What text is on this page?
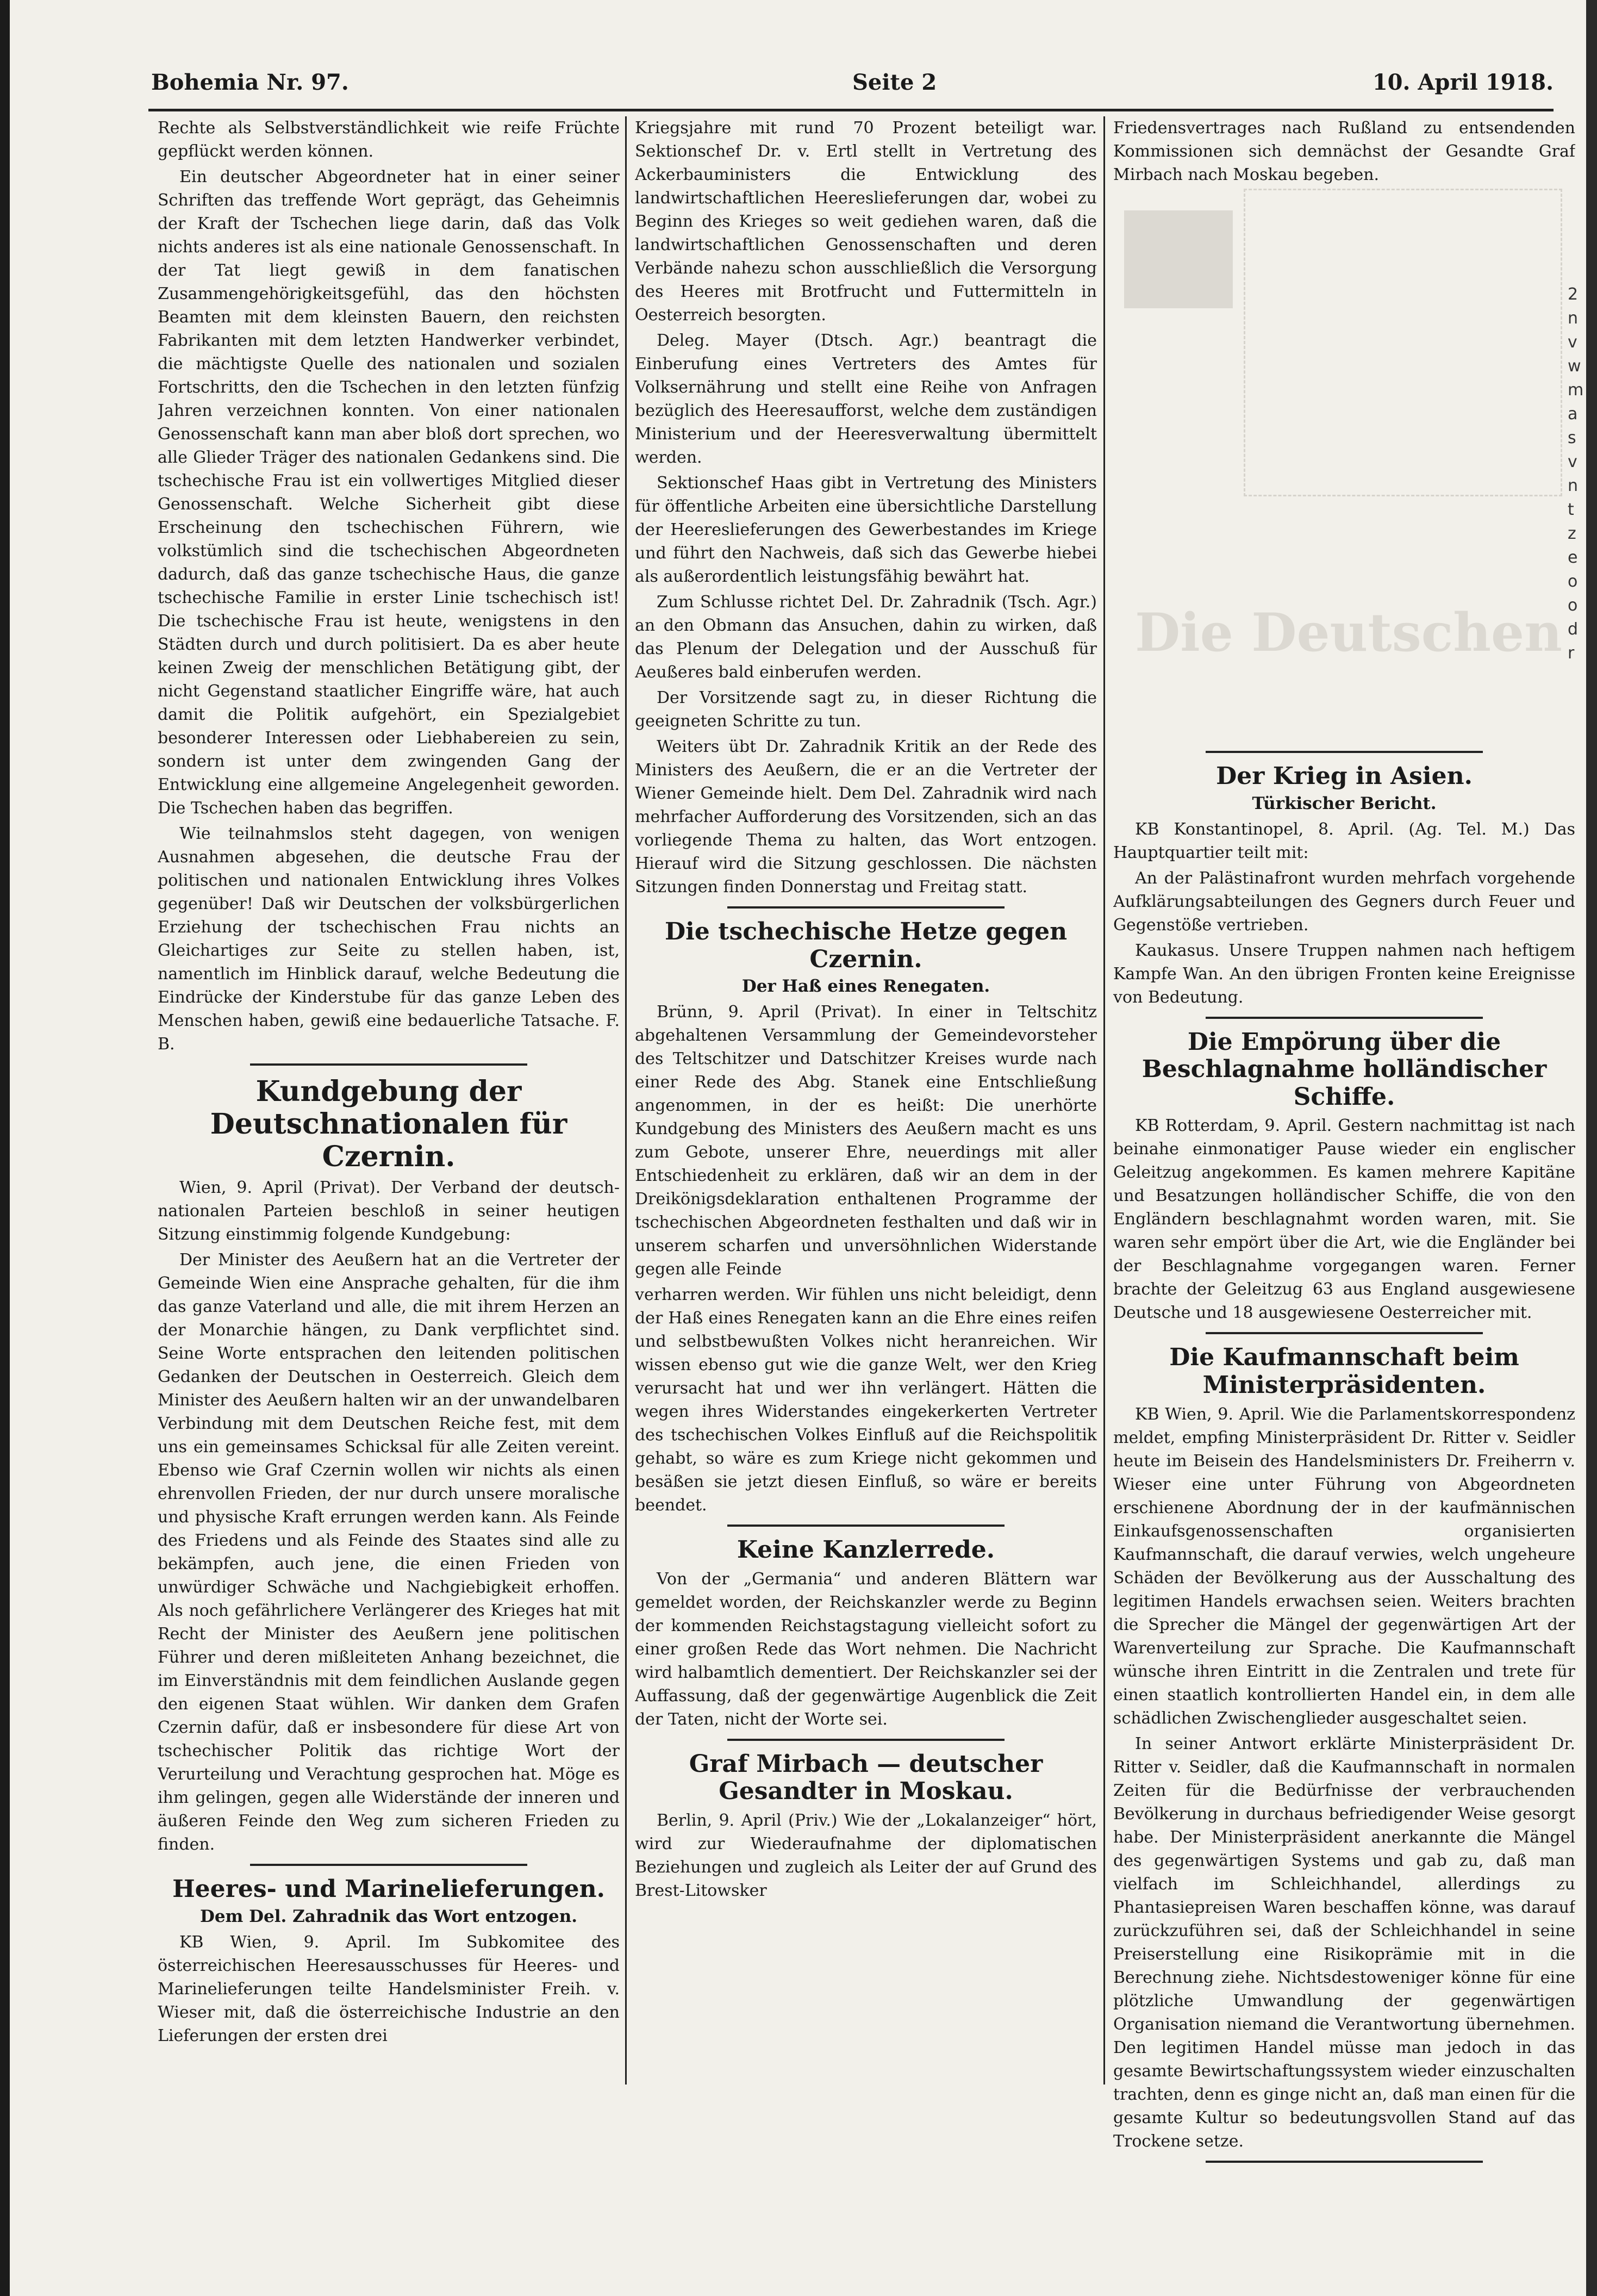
Bohemia Nr. 97.	Seite 2	10. April 1918.

Rechte als Selbstverständlichkeit wie reife Früchte gepflückt werden können.

Ein deutscher Abgeordneter hat in einer seiner Schriften das treffende Wort geprägt, das Geheimnis der Kraft der Tschechen liege darin, daß das Volk nichts anderes ist als eine nationale Genossenschaft. In der Tat liegt gewiß in dem fanatischen Zusammengehörigkeitsgefühl, das den höchsten Beamten mit dem kleinsten Bauern, den reichsten Fabrikanten mit dem letzten Handwerker verbindet, die mächtigste Quelle des nationalen und sozialen Fortschritts, den die Tschechen in den letzten fünfzig Jahren verzeichnen konnten. Von einer nationalen Genossenschaft kann man aber bloß dort sprechen, wo alle Glieder Träger des nationalen Gedankens sind. Die tschechische Frau ist ein vollwertiges Mitglied dieser Genossenschaft. Welche Sicherheit gibt diese Erscheinung den tschechischen Führern, wie volkstümlich sind die tschechischen Abgeordneten dadurch, daß das ganze tschechische Haus, die ganze tschechische Familie in erster Linie tschechisch ist! Die tschechische Frau ist heute, wenigstens in den Städten durch und durch politisiert. Da es aber heute keinen Zweig der menschlichen Betätigung gibt, der nicht Gegenstand staatlicher Eingriffe wäre, hat auch damit die Politik aufgehört, ein Spezialgebiet besonderer Interessen oder Liebhabereien zu sein, sondern ist unter dem zwingenden Gang der Entwicklung eine allgemeine Angelegenheit geworden. Die Tschechen haben das begriffen.

Wie teilnahmslos steht dagegen, von wenigen Ausnahmen abgesehen, die deutsche Frau der politischen und nationalen Entwicklung ihres Volkes gegenüber! Daß wir Deutschen der volksbürgerlichen Erziehung der tschechischen Frau nichts an Gleichartiges zur Seite zu stellen haben, ist, namentlich im Hinblick darauf, welche Bedeutung die Eindrücke der Kinderstube für das ganze Leben des Menschen haben, gewiß eine bedauerliche Tatsache. F. B.

Kundgebung der Deutschnationalen für Czernin.

Wien, 9. April (Privat). Der Verband der deutsch-nationalen Parteien beschloß in seiner heutigen Sitzung einstimmig folgende Kundgebung:

Der Minister des Aeußern hat an die Vertreter der Gemeinde Wien eine Ansprache gehalten, für die ihm das ganze Vaterland und alle, die mit ihrem Herzen an der Monarchie hängen, zu Dank verpflichtet sind. Seine Worte entsprachen den leitenden politischen Gedanken der Deutschen in Oesterreich. Gleich dem Minister des Aeußern halten wir an der unwandelbaren Verbindung mit dem Deutschen Reiche fest, mit dem uns ein gemeinsames Schicksal für alle Zeiten vereint. Ebenso wie Graf Czernin wollen wir nichts als einen ehrenvollen Frieden, der nur durch unsere moralische und physische Kraft errungen werden kann. Als Feinde des Friedens und als Feinde des Staates sind alle zu bekämpfen, auch jene, die einen Frieden von unwürdiger Schwäche und Nachgiebigkeit erhoffen. Als noch gefährlichere Verlängerer des Krieges hat mit Recht der Minister des Aeußern jene politischen Führer und deren mißleiteten Anhang bezeichnet, die im Einverständnis mit dem feindlichen Auslande gegen den eigenen Staat wühlen. Wir danken dem Grafen Czernin dafür, daß er insbesondere für diese Art von tschechischer Politik das richtige Wort der Verurteilung und Verachtung gesprochen hat. Möge es ihm gelingen, gegen alle Widerstände der inneren und äußeren Feinde den Weg zum sicheren Frieden zu finden.

Heeres- und Marinelieferungen.
Dem Del. Zahradnik das Wort entzogen.

KB Wien, 9. April. Im Subkomitee des österreichischen Heeresausschusses für Heeres- und Marinelieferungen teilte Handelsminister Freih. v. Wieser mit, daß die österreichische Industrie an den Lieferungen der ersten drei

Kriegsjahre mit rund 70 Prozent beteiligt war. Sektionschef Dr. v. Ertl stellt in Vertretung des Ackerbauministers die Entwicklung des landwirtschaftlichen Heereslieferungen dar, wobei zu Beginn des Krieges so weit gediehen waren, daß die landwirtschaftlichen Genossenschaften und deren Verbände nahezu schon ausschließlich die Versorgung des Heeres mit Brotfrucht und Futtermitteln in Oesterreich besorgten.

Deleg. Mayer (Dtsch. Agr.) beantragt die Einberufung eines Vertreters des Amtes für Volksernährung und stellt eine Reihe von Anfragen bezüglich des Heeresaufforst, welche dem zuständigen Ministerium und der Heeresverwaltung übermittelt werden.

Sektionschef Haas gibt in Vertretung des Ministers für öffentliche Arbeiten eine übersichtliche Darstellung der Heereslieferungen des Gewerbestandes im Kriege und führt den Nachweis, daß sich das Gewerbe hiebei als außerordentlich leistungsfähig bewährt hat.

Zum Schlusse richtet Del. Dr. Zahradnik (Tsch. Agr.) an den Obmann das Ansuchen, dahin zu wirken, daß das Plenum der Delegation und der Ausschuß für Aeußeres bald einberufen werden.

Der Vorsitzende sagt zu, in dieser Richtung die geeigneten Schritte zu tun.

Weiters übt Dr. Zahradnik Kritik an der Rede des Ministers des Aeußern, die er an die Vertreter der Wiener Gemeinde hielt. Dem Del. Zahradnik wird nach mehrfacher Aufforderung des Vorsitzenden, sich an das vorliegende Thema zu halten, das Wort entzogen. Hierauf wird die Sitzung geschlossen. Die nächsten Sitzungen finden Donnerstag und Freitag statt.

Die tschechische Hetze gegen Czernin.
Der Haß eines Renegaten.

Brünn, 9. April (Privat). In einer in Teltschitz abgehaltenen Versammlung der Gemeindevorsteher des Teltschitzer und Datschitzer Kreises wurde nach einer Rede des Abg. Stanek eine Entschließung angenommen, in der es heißt: Die unerhörte Kundgebung des Ministers des Aeußern macht es uns zum Gebote, unserer Ehre, neuerdings mit aller Entschiedenheit zu erklären, daß wir an dem in der Dreikönigsdeklaration enthaltenen Programme der tschechischen Abgeordneten festhalten und daß wir in unserem scharfen und unversöhnlichen Widerstande gegen alle Feinde

verharren werden. Wir fühlen uns nicht beleidigt, denn der Haß eines Renegaten kann an die Ehre eines reifen und selbstbewußten Volkes nicht heranreichen. Wir wissen ebenso gut wie die ganze Welt, wer den Krieg verursacht hat und wer ihn verlängert. Hätten die wegen ihres Widerstandes eingekerkerten Vertreter des tschechischen Volkes Einfluß auf die Reichspolitik gehabt, so wäre es zum Kriege nicht gekommen und besäßen sie jetzt diesen Einfluß, so wäre er bereits beendet.

Keine Kanzlerrede.

Von der „Germania“ und anderen Blättern war gemeldet worden, der Reichskanzler werde zu Beginn der kommenden Reichstagstagung vielleicht sofort zu einer großen Rede das Wort nehmen. Die Nachricht wird halbamtlich dementiert. Der Reichskanzler sei der Auffassung, daß der gegenwärtige Augenblick die Zeit der Taten, nicht der Worte sei.

Graf Mirbach — deutscher Gesandter in Moskau.

Berlin, 9. April (Priv.) Wie der „Lokalanzeiger“ hört, wird zur Wiederaufnahme der diplomatischen Beziehungen und zugleich als Leiter der auf Grund des Brest-Litowsker

Friedensvertrages nach Rußland zu entsendenden Kommissionen sich demnächst der Gesandte Graf Mirbach nach Moskau begeben.

Die Deutschen
Der Krieg in Asien.
Türkischer Bericht.

KB Konstantinopel, 8. April. (Ag. Tel. M.) Das Hauptquartier teilt mit:

An der Palästinafront wurden mehrfach vorgehende Aufklärungsabteilungen des Gegners durch Feuer und Gegenstöße vertrieben.

Kaukasus. Unsere Truppen nahmen nach heftigem Kampfe Wan. An den übrigen Fronten keine Ereignisse von Bedeutung.

Die Empörung über die Beschlagnahme holländischer Schiffe.

KB Rotterdam, 9. April. Gestern nachmittag ist nach beinahe einmonatiger Pause wieder ein englischer Geleitzug angekommen. Es kamen mehrere Kapitäne und Besatzungen holländischer Schiffe, die von den Engländern beschlagnahmt worden waren, mit. Sie waren sehr empört über die Art, wie die Engländer bei der Beschlagnahme vorgegangen waren. Ferner brachte der Geleitzug 63 aus England ausgewiesene Deutsche und 18 ausgewiesene Oesterreicher mit.

Die Kaufmannschaft beim Ministerpräsidenten.

KB Wien, 9. April. Wie die Parlamentskorrespondenz meldet, empfing Ministerpräsident Dr. Ritter v. Seidler heute im Beisein des Handelsministers Dr. Freiherrn v. Wieser eine unter Führung von Abgeordneten erschienene Abordnung der in der kaufmännischen Einkaufsgenossenschaften organisierten Kaufmannschaft, die darauf verwies, welch ungeheure Schäden der Bevölkerung aus der Ausschaltung des legitimen Handels erwachsen seien. Weiters brachten die Sprecher die Mängel der gegenwärtigen Art der Warenverteilung zur Sprache. Die Kaufmannschaft wünsche ihren Eintritt in die Zentralen und trete für einen staatlich kontrollierten Handel ein, in dem alle schädlichen Zwischenglieder ausgeschaltet seien.

In seiner Antwort erklärte Ministerpräsident Dr. Ritter v. Seidler, daß die Kaufmannschaft in normalen Zeiten für die Bedürfnisse der verbrauchenden Bevölkerung in durchaus befriedigender Weise gesorgt habe. Der Ministerpräsident anerkannte die Mängel des gegenwärtigen Systems und gab zu, daß man vielfach im Schleichhandel, allerdings zu Phantasiepreisen Waren beschaffen könne, was darauf zurückzuführen sei, daß der Schleichhandel in seine Preiserstellung eine Risikoprämie mit in die Berechnung ziehe. Nichtsdestoweniger könne für eine plötzliche Umwandlung der gegenwärtigen Organisation niemand die Verantwortung übernehmen. Den legitimen Handel müsse man jedoch in das gesamte Bewirtschaftungssystem wieder einzuschalten trachten, denn es ginge nicht an, daß man einen für die gesamte Kultur so bedeutungsvollen Stand auf das Trockene setze.

2 n v w m a s v n t z e o o d r
